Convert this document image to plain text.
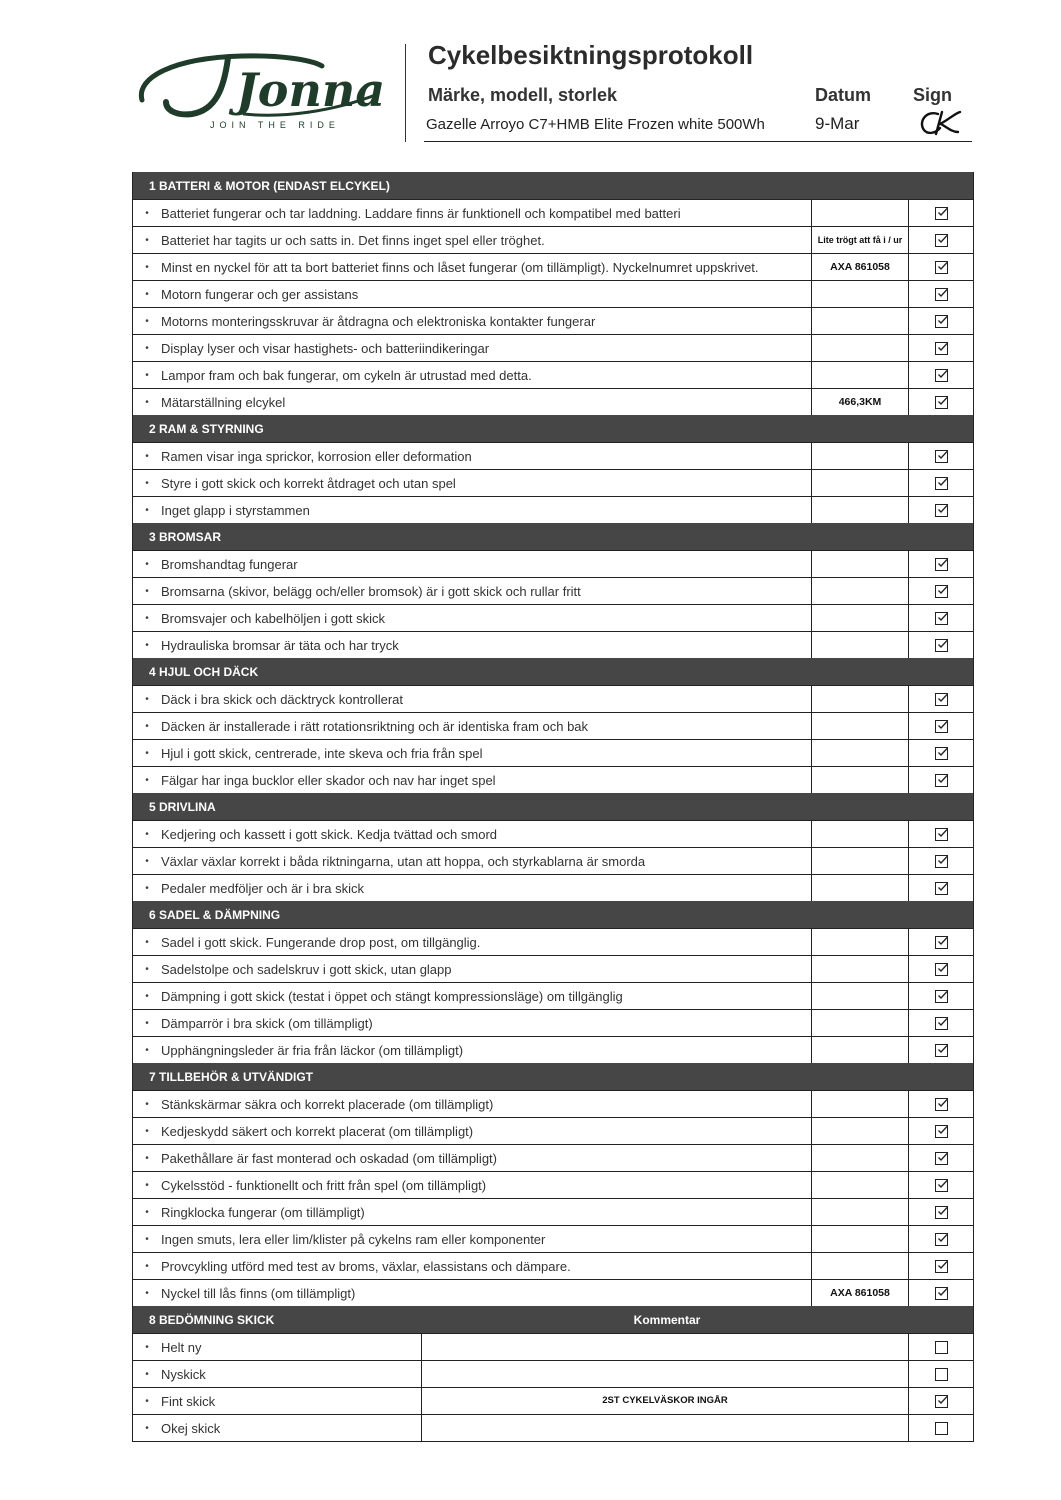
Jonna
JOIN THE RIDE
Cykelbesiktningsprotokoll
Märke, modell, storlek	Datum Sign
Gazelle Arroyo C7+HMB Elite Frozen white 500Wh	9-Mar
1 BATTERI & MOTOR (ENDAST ELCYKEL)
• Batteriet fungerar och tar laddning. Laddare finns är funktionell och kompatibel med batteri
• Batteriet har tagits ur och satts in. Det finns inget spel eller tröghet.	Lite trögt att få i / ur
• Minst en nyckel för att ta bort batteriet finns och låset fungerar (om tillämpligt). Nyckelnumret uppskrivet.	AXA 861058
• Motorn fungerar och ger assistans
• Motorns monteringsskruvar är åtdragna och elektroniska kontakter fungerar
• Display lyser och visar hastighets- och batteriindikeringar
• Lampor fram och bak fungerar, om cykeln är utrustad med detta.
• Mätarställning elcykel	466,3KM
2 RAM & STYRNING
• Ramen visar inga sprickor, korrosion eller deformation
• Styre i gott skick och korrekt åtdraget och utan spel
• Inget glapp i styrstammen
3 BROMSAR
• Bromshandtag fungerar
• Bromsarna (skivor, belägg och/eller bromsok) är i gott skick och rullar fritt
• Bromsvajer och kabelhöljen i gott skick
• Hydrauliska bromsar är täta och har tryck
4 HJUL OCH DÄCK
• Däck i bra skick och däcktryck kontrollerat
• Däcken är installerade i rätt rotationsriktning och är identiska fram och bak
• Hjul i gott skick, centrerade, inte skeva och fria från spel
• Fälgar har inga bucklor eller skador och nav har inget spel
5 DRIVLINA
• Kedjering och kassett i gott skick. Kedja tvättad och smord
• Växlar växlar korrekt i båda riktningarna, utan att hoppa, och styrkablarna är smorda
• Pedaler medföljer och är i bra skick
6 SADEL & DÄMPNING
• Sadel i gott skick. Fungerande drop post, om tillgänglig.
• Sadelstolpe och sadelskruv i gott skick, utan glapp
• Dämpning i gott skick (testat i öppet och stängt kompressionsläge) om tillgänglig
• Dämparrör i bra skick (om tillämpligt)
• Upphängningsleder är fria från läckor (om tillämpligt)
7 TILLBEHÖR & UTVÄNDIGT
• Stänkskärmar säkra och korrekt placerade (om tillämpligt)
• Kedjeskydd säkert och korrekt placerat (om tillämpligt)
• Pakethållare är fast monterad och oskadad (om tillämpligt)
• Cykelsstöd - funktionellt och fritt från spel (om tillämpligt)
• Ringklocka fungerar (om tillämpligt)
• Ingen smuts, lera eller lim/klister på cykelns ram eller komponenter
• Provcykling utförd med test av broms, växlar, elassistans och dämpare.
• Nyckel till lås finns (om tillämpligt)	AXA 861058
8 BEDÖMNING SKICK	Kommentar
• Helt ny
• Nyskick
• Fint skick	2ST CYKELVÄSKOR INGÅR
• Okej skick
